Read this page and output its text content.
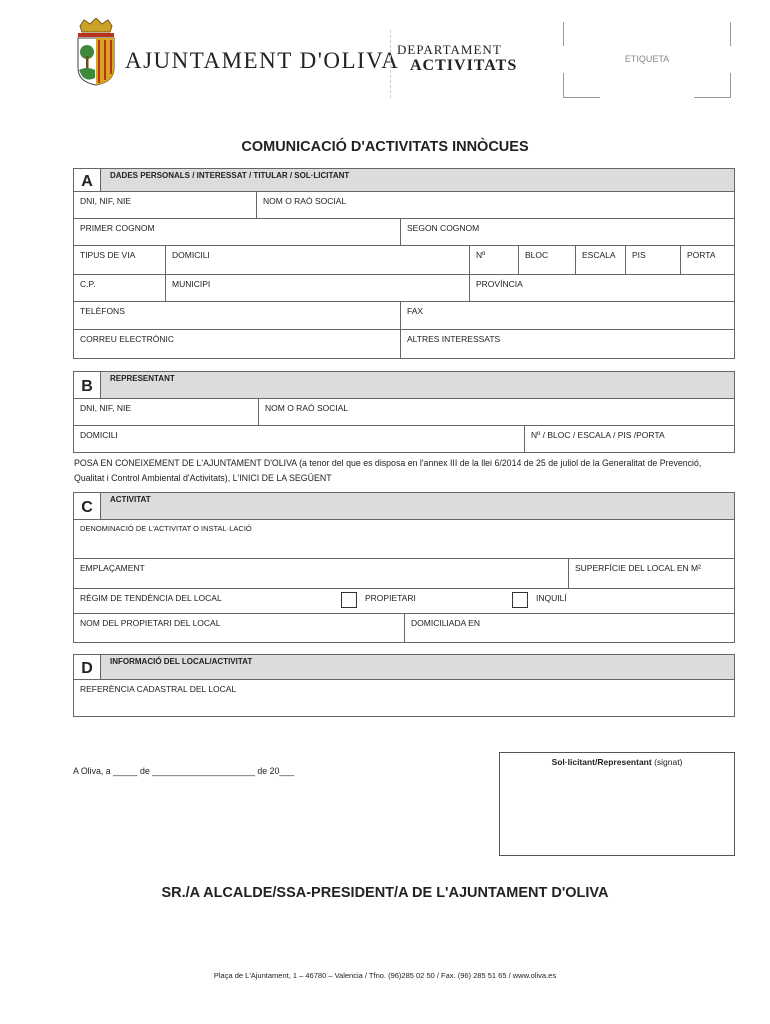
AJUNTAMENT D'OLIVA
DEPARTAMENT
ACTIVITATS	ETIQUETA
COMUNICACIÓ D'ACTIVITATS INNÒCUES
A	DADES PERSONALS / INTERESSAT / TITULAR / SOL·LICITANT
DNI, NIF, NIE	NOM O RAÓ SOCIAL
PRIMER COGNOM	SEGON COGNOM
TIPUS DE VIA	DOMICILI	Nº	BLOC	ESCALA	PIS	PORTA
C.P.	MUNICIPI	PROVÍNCIA
TELÈFONS	FAX
CORREU ELECTRÒNIC	ALTRES INTERESSATS
B	REPRESENTANT
DNI, NIF, NIE	NOM O RAÓ SOCIAL
DOMICILI	Nº / BLOC / ESCALA / PIS /PORTA
POSA EN CONEIXEMENT DE L'AJUNTAMENT D'OLIVA (a tenor del que es disposa en l'annex III de la llei 6/2014 de 25 de juliol de la Generalitat de Prevenció, Qualitat i Control Ambiental d'Activitats), L'INICI DE LA SEGÜENT
C	ACTIVITAT
DENOMINACIÓ DE L'ACTIVITAT O INSTAL·LACIÓ
EMPLAÇAMENT	SUPERFÍCIE DEL LOCAL EN M²
RÈGIM DE TENDÈNCIA DEL LOCAL	PROPIETARI	INQUILÍ
NOM DEL PROPIETARI DEL LOCAL	DOMICILIADA EN
D	INFORMACIÓ DEL LOCAL/ACTIVITAT
REFERÈNCIA CADASTRAL DEL LOCAL
A Oliva, a _____ de _____________________ de 20___
Sol·licitant/Representant (signat)
SR./A ALCALDE/SSA-PRESIDENT/A DE L'AJUNTAMENT D'OLIVA
Plaça de L'Ajuntament, 1 – 46780 – Valencia / Tfno. (96)285 02 50 / Fax. (96) 285 51 65 / www.oliva.es
